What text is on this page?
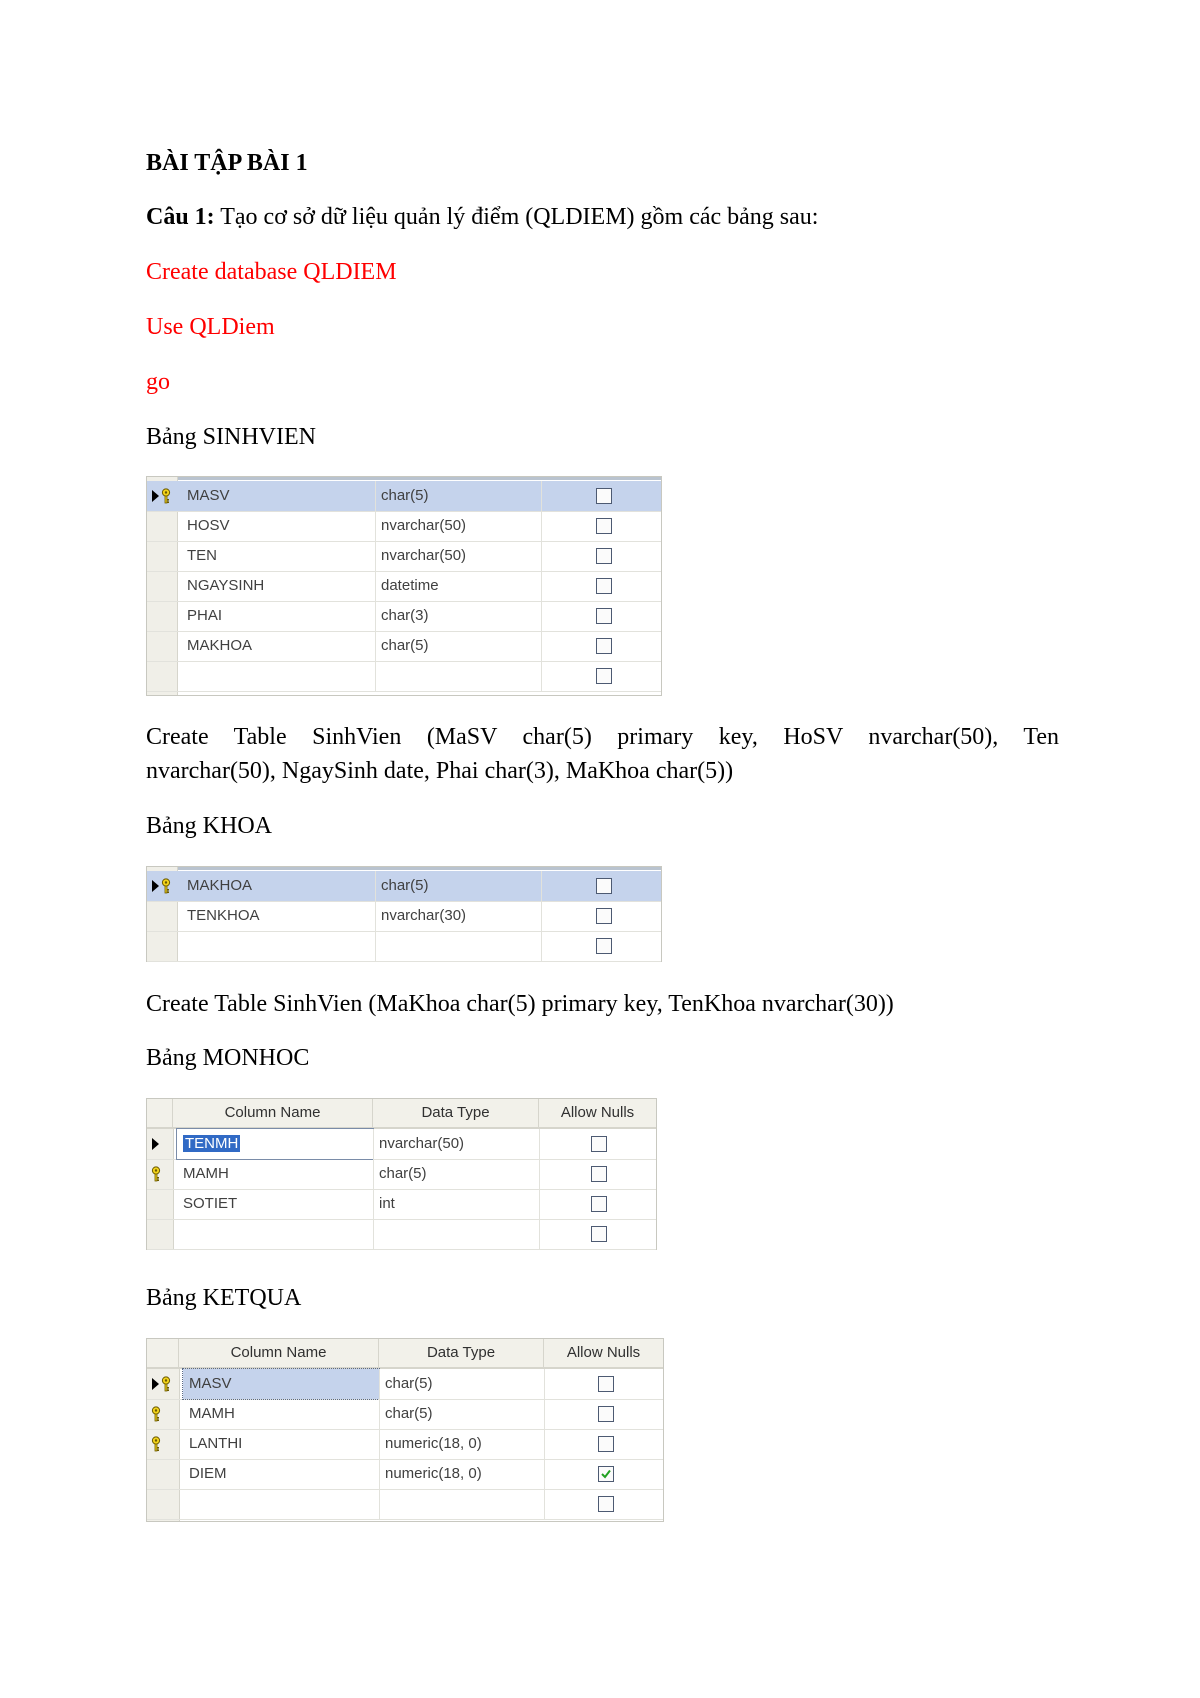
BÀI TẬP BÀI 1
Câu 1: Tạo cơ sở dữ liệu quản lý điểm (QLDIEM) gồm các bảng sau:
Create database QLDIEM
Use QLDiem
go
Bảng SINHVIEN
MASV	char(5)
HOSV	nvarchar(50)
TEN	nvarchar(50)
NGAYSINH	datetime
PHAI	char(3)
MAKHOA	char(5)
Create Table SinhVien (MaSV char(5) primary key, HoSV nvarchar(50), Ten
nvarchar(50), NgaySinh date, Phai char(3), MaKhoa char(5))
Bảng KHOA
MAKHOA	char(5)
TENKHOA	nvarchar(30)
Create Table SinhVien (MaKhoa char(5) primary key, TenKhoa nvarchar(30))
Bảng MONHOC
Column Name	Data Type	Allow Nulls
TENMH	nvarchar(50)
MAMH	char(5)
SOTIET	int
Bảng KETQUA
Column Name	Data Type	Allow Nulls
MASV	char(5)
MAMH	char(5)
LANTHI	numeric(18, 0)
DIEM	numeric(18, 0)
